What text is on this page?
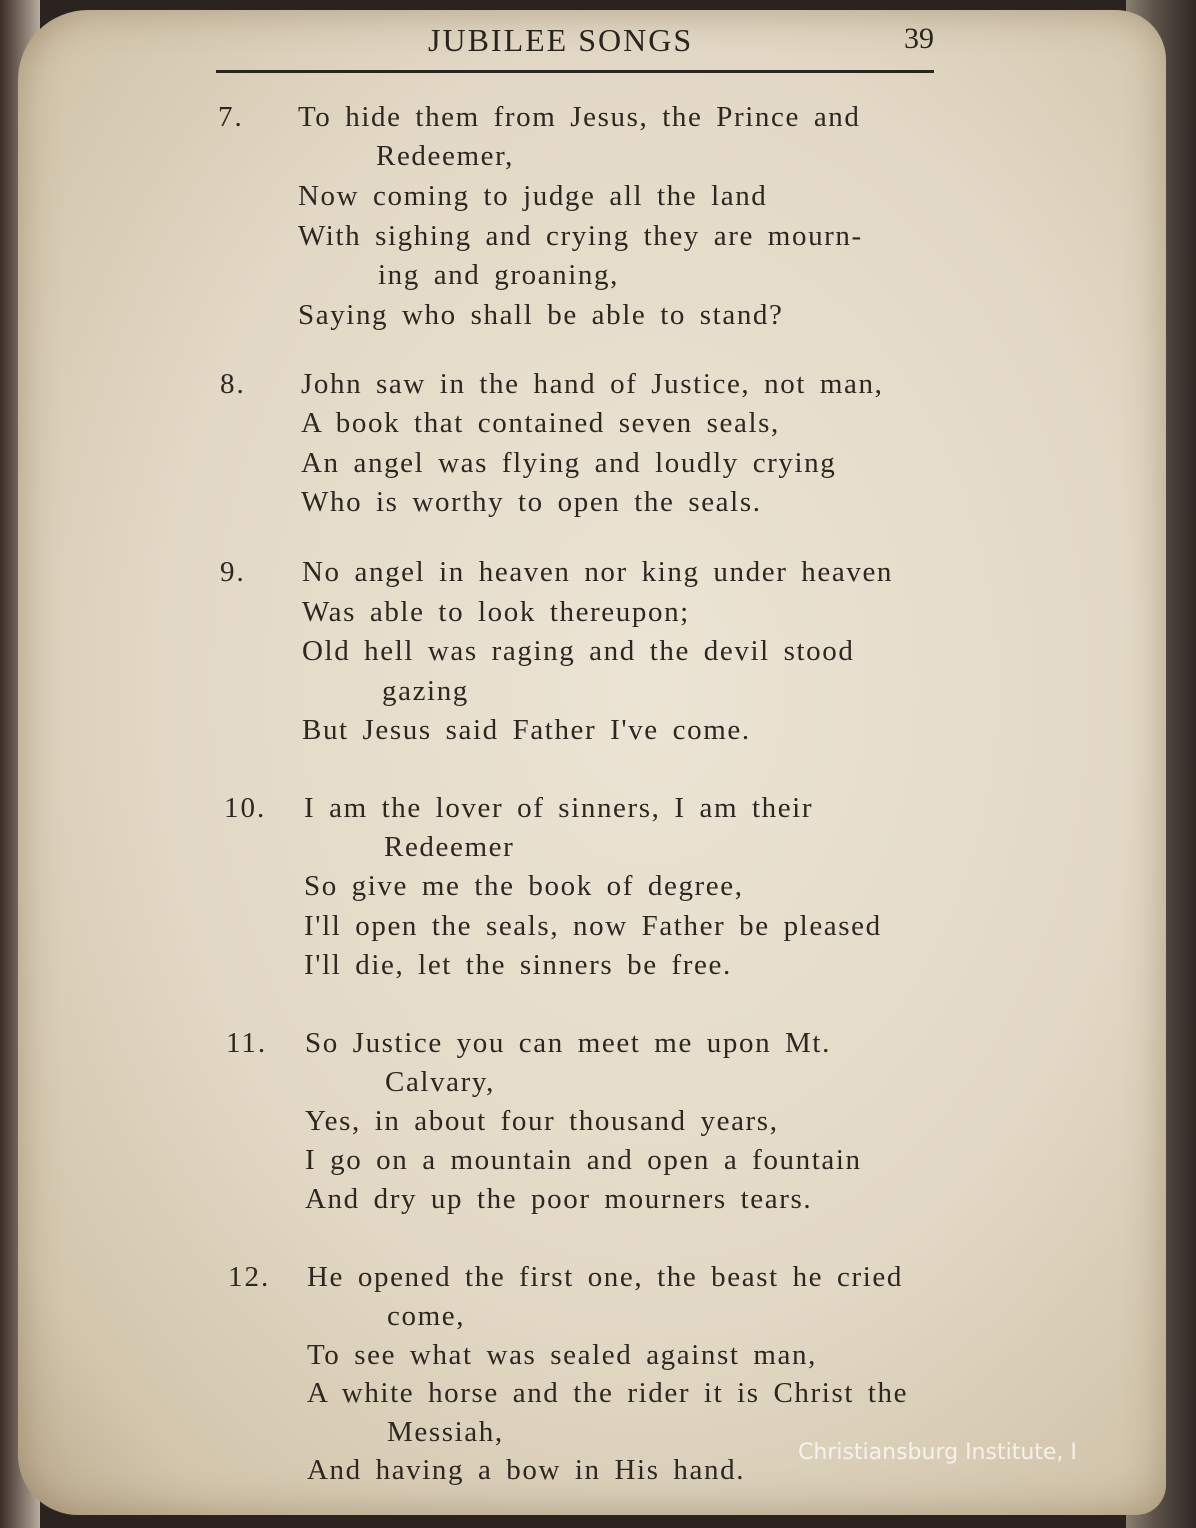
JUBILEE SONGS	39
7. To hide them from Jesus, the Prince and
Redeemer,
Now coming to judge all the land
With sighing and crying they are mourn-
ing and groaning,
Saying who shall be able to stand?
8. John saw in the hand of Justice, not man,
A book that contained seven seals,
An angel was flying and loudly crying
Who is worthy to open the seals.
9. No angel in heaven nor king under heaven
Was able to look thereupon;
Old hell was raging and the devil stood
gazing
But Jesus said Father I've come.
10. I am the lover of sinners, I am their
Redeemer
So give me the book of degree,
I'll open the seals, now Father be pleased
I'll die, let the sinners be free.
11. So Justice you can meet me upon Mt.
Calvary,
Yes, in about four thousand years,
I go on a mountain and open a fountain
And dry up the poor mourners tears.
12. He opened the first one, the beast he cried
come,
To see what was sealed against man,
A white horse and the rider it is Christ the
Messiah,
And having a bow in His hand.
Christiansburg Institute, I
